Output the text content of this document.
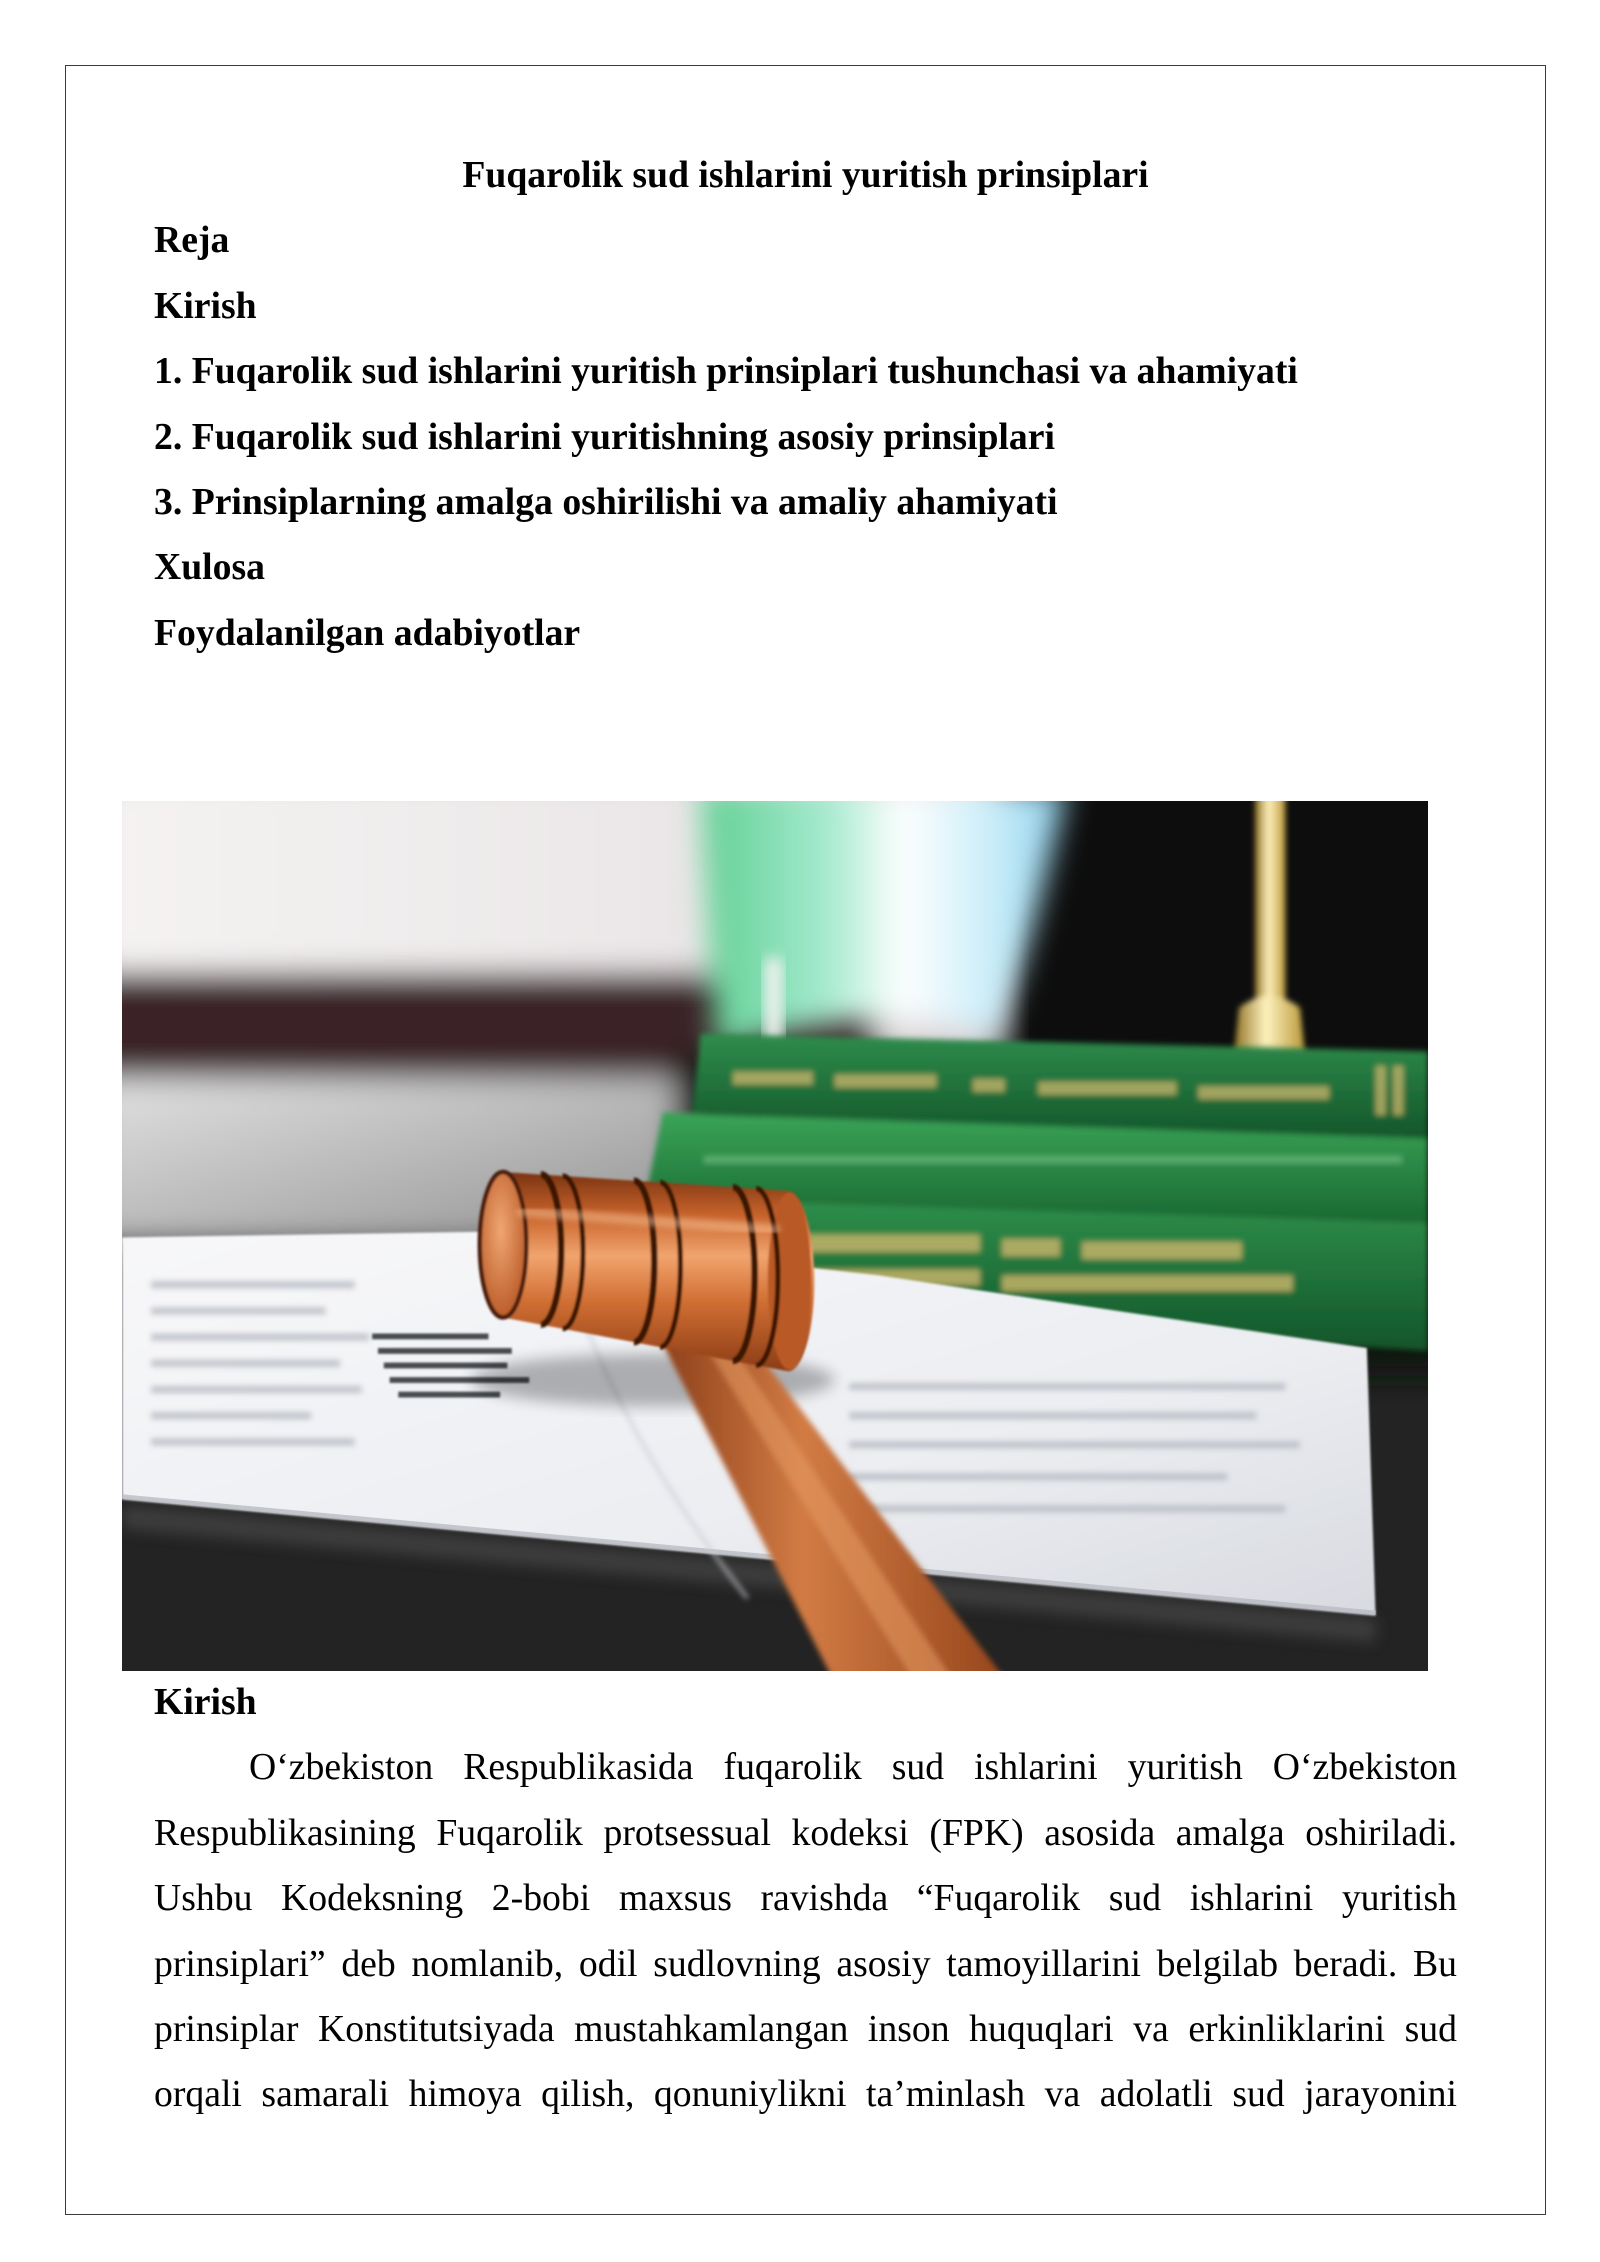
Fuqarolik sud ishlarini yuritish prinsiplari
Reja
Kirish
1. Fuqarolik sud ishlarini yuritish prinsiplari tushunchasi va ahamiyati
2. Fuqarolik sud ishlarini yuritishning asosiy prinsiplari
3. Prinsiplarning amalga oshirilishi va amaliy ahamiyati
Xulosa
Foydalanilgan adabiyotlar
Kirish

O‘zbekiston Respublikasida fuqarolik sud ishlarini yuritish O‘zbekiston Respublikasining Fuqarolik protsessual kodeksi (FPK) asosida amalga oshiriladi. Ushbu Kodeksning 2-bobi maxsus ravishda “Fuqarolik sud ishlarini yuritish prinsiplari” deb nomlanib, odil sudlovning asosiy tamoyillarini belgilab beradi. Bu prinsiplar Konstitutsiyada mustahkamlangan inson huquqlari va erkinliklarini sud orqali samarali himoya qilish, qonuniylikni ta’minlash va adolatli sud jarayonini
